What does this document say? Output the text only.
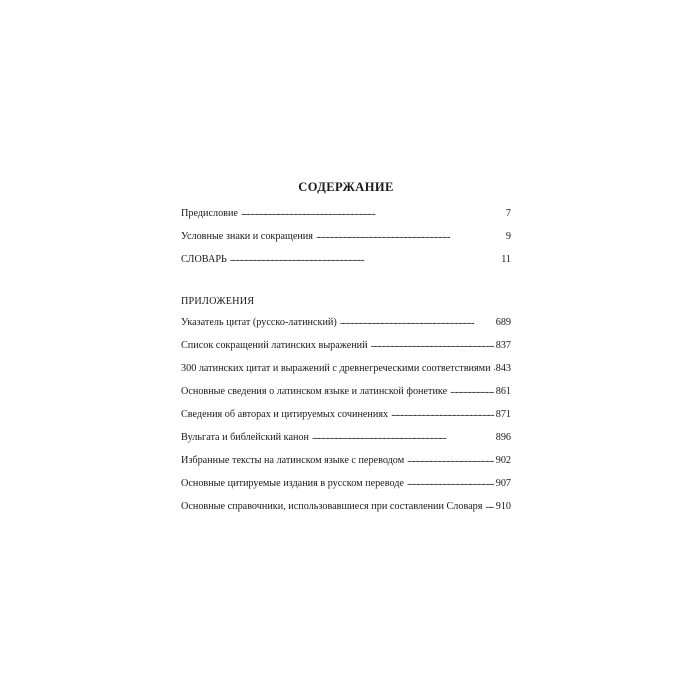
СОДЕРЖАНИЕ
Предисловие . . .	7
Условные знаки и сокращения . . .	9
СЛОВАРЬ . . .	11
ПРИЛОЖЕНИЯ
Указатель цитат (русско-латинский) . . .	689
Список сокращений латинских выражений . . .	837
300 латинских цитат и выражений с древнегреческими соответствиями . . . 843
Основные сведения о латинском языке и латинской фонетике . . .	861
Сведения об авторах и цитируемых сочинениях . . .	871
Вульгата и библейский канон . . .	896
Избранные тексты на латинском языке с переводом . . .	902
Основные цитируемые издания в русском переводе . . .	907
Основные справочники, использовавшиеся при составлении Словаря . . . 910
